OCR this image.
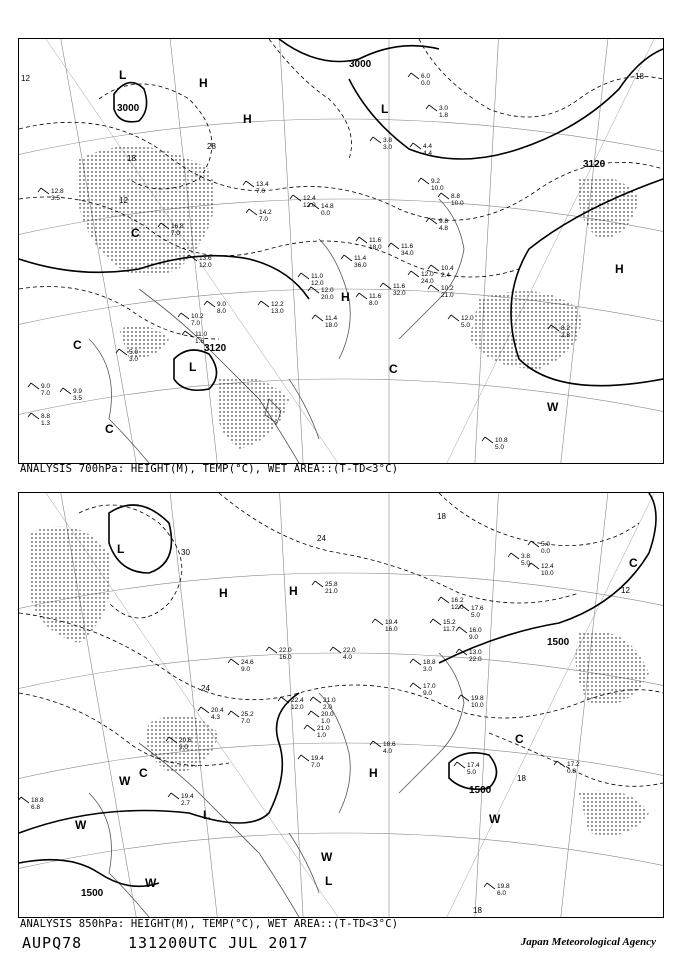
3000
3000
3120
3120
12
18
12
18
28
H
H
L
L
H
H
L
C
C
C
C
W
13.4
7.0
16.8
7.0
13.6
12.0
14.2
7.0
12.4
12.0 14.8
0.0
11.4
36.0
11.6
18.0	11.6
34.0
12.0
24.0
10.4
2.4
11.6
8.0
11.6
32.0
10.2
21.0
11.0
12.0
12.2
13.0
12.0
20.0
11.4
18.0
10.2
7.0
9.0
8.0
9.2
10.0
8.8
10.0
12.0
5.0	8.2
2.8
10.8
5.0
12.8
3.5
9.0
7.0
3.8
3.0	4.4
4.4
3.0
1.8
8.8
1.3
9.9
3.5
6.0
0.0
5.0
3.0
9.8
4.8
11.0
1.6
ANALYSIS 700hPa: HEIGHT(M), TEMP(°C), WET AREA::(T-TD<3°C)
1500
1500
1500
24
24
18
12
18
30
18
H	H
H
L
L
L
C
C
C
W
W
W
W
W
25.8
21.0
24.6
9.0
22.0
16.0
21.0
2.0
20.0
1.0
19.4
7.0
18.8
3.0
17.0
9.0
16.2
12.0 17.6
5.0
19.4
16.0
22.0
4.0
18.6
4.0
17.4
5.0
17.2
0.8
19.8
6.0
18.8
6.8
20.4
4.3
20.6
9.0
19.4
2.7
25.2
7.0
22.4
12.0
21.0
1.0
13.0
22.0
16.0
9.0
19.8
10.0
15.2
11.7
3.8
5.0 12.4
10.0
5.0
0.0
ANALYSIS 850hPa: HEIGHT(M), TEMP(°C), WET AREA::(T-TD<3°C)
AUPQ78	131200UTC JUL 2017	Japan Meteorological Agency
